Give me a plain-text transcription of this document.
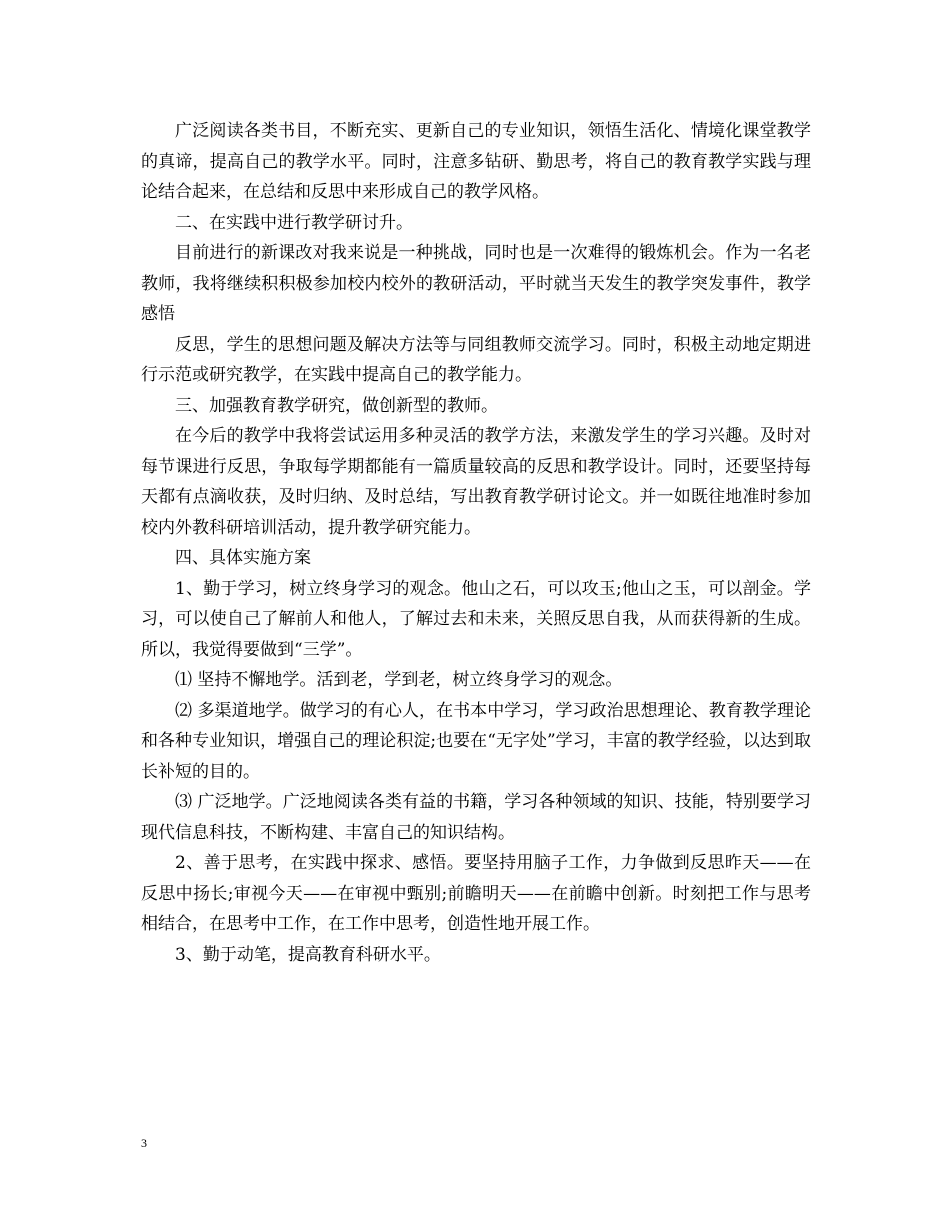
广泛阅读各类书目，不断充实、更新自己的专业知识，领悟生活化、情境化课堂教学的真谛，提高自己的教学水平。同时，注意多钻研、勤思考，将自己的教育教学实践与理论结合起来，在总结和反思中来形成自己的教学风格。

二、在实践中进行教学研讨升。

目前进行的新课改对我来说是一种挑战，同时也是一次难得的锻炼机会。作为一名老教师，我将继续积积极参加校内校外的教研活动，平时就当天发生的教学突发事件，教学感悟

反思，学生的思想问题及解决方法等与同组教师交流学习。同时，积极主动地定期进行示范或研究教学，在实践中提高自己的教学能力。

三、加强教育教学研究，做创新型的教师。

在今后的教学中我将尝试运用多种灵活的教学方法，来激发学生的学习兴趣。及时对每节课进行反思，争取每学期都能有一篇质量较高的反思和教学设计。同时，还要坚持每天都有点滴收获，及时归纳、及时总结，写出教育教学研讨论文。并一如既往地准时参加校内外教科研培训活动，提升教学研究能力。

四、具体实施方案

1、勤于学习，树立终身学习的观念。他山之石，可以攻玉;他山之玉，可以剖金。学习，可以使自己了解前人和他人，了解过去和未来，关照反思自我，从而获得新的生成。所以，我觉得要做到“三学”。

⑴ 坚持不懈地学。活到老，学到老，树立终身学习的观念。

⑵ 多渠道地学。做学习的有心人，在书本中学习，学习政治思想理论、教育教学理论和各种专业知识，增强自己的理论积淀;也要在“无字处”学习，丰富的教学经验，以达到取长补短的目的。

⑶ 广泛地学。广泛地阅读各类有益的书籍，学习各种领域的知识、技能，特别要学习现代信息科技，不断构建、丰富自己的知识结构。

2、善于思考，在实践中探求、感悟。要坚持用脑子工作，力争做到反思昨天——在反思中扬长;审视今天——在审视中甄别;前瞻明天——在前瞻中创新。时刻把工作与思考相结合，在思考中工作，在工作中思考，创造性地开展工作。

3、勤于动笔，提高教育科研水平。

3
